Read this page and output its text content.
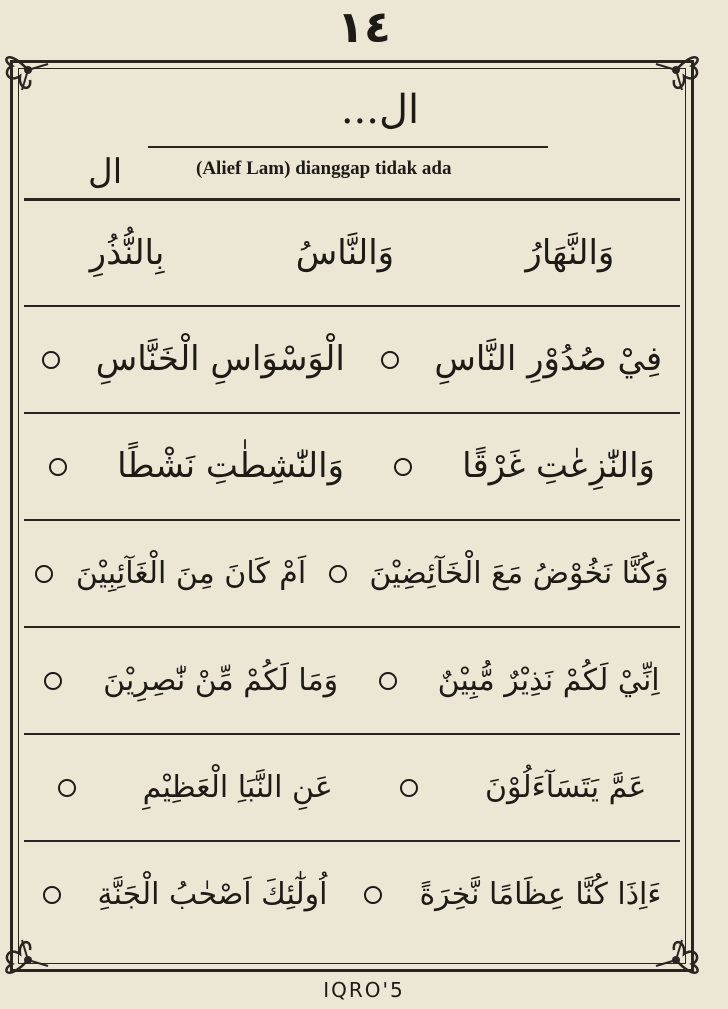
١٤
ال...
ال	(Alief Lam) dianggap tidak ada
وَالنَّهَارُ
وَالنَّاسُ
بِالنُّذُرِ
فِيْ صُدُوْرِ النَّاسِ
الْوَسْوَاسِ الْخَنَّاسِ
وَالنّٰزِعٰتِ غَرْقًا
وَالنّٰشِطٰتِ نَشْطًا
وَكُنَّا نَخُوْضُ مَعَ الْخَآئِضِيْنَ
اَمْ كَانَ مِنَ الْغَآئِبِيْنَ
اِنِّيْ لَكُمْ نَذِيْرٌ مُّبِيْنٌ
وَمَا لَكُمْ مِّنْ نّٰصِرِيْنَ
عَمَّ يَتَسَآءَلُوْنَ
عَنِ النَّبَاِ الْعَظِيْمِ
ءَاِذَا كُنَّا عِظَامًا نَّخِرَةً
اُولٰٓئِكَ اَصْحٰبُ الْجَنَّةِ
IQRO'5
